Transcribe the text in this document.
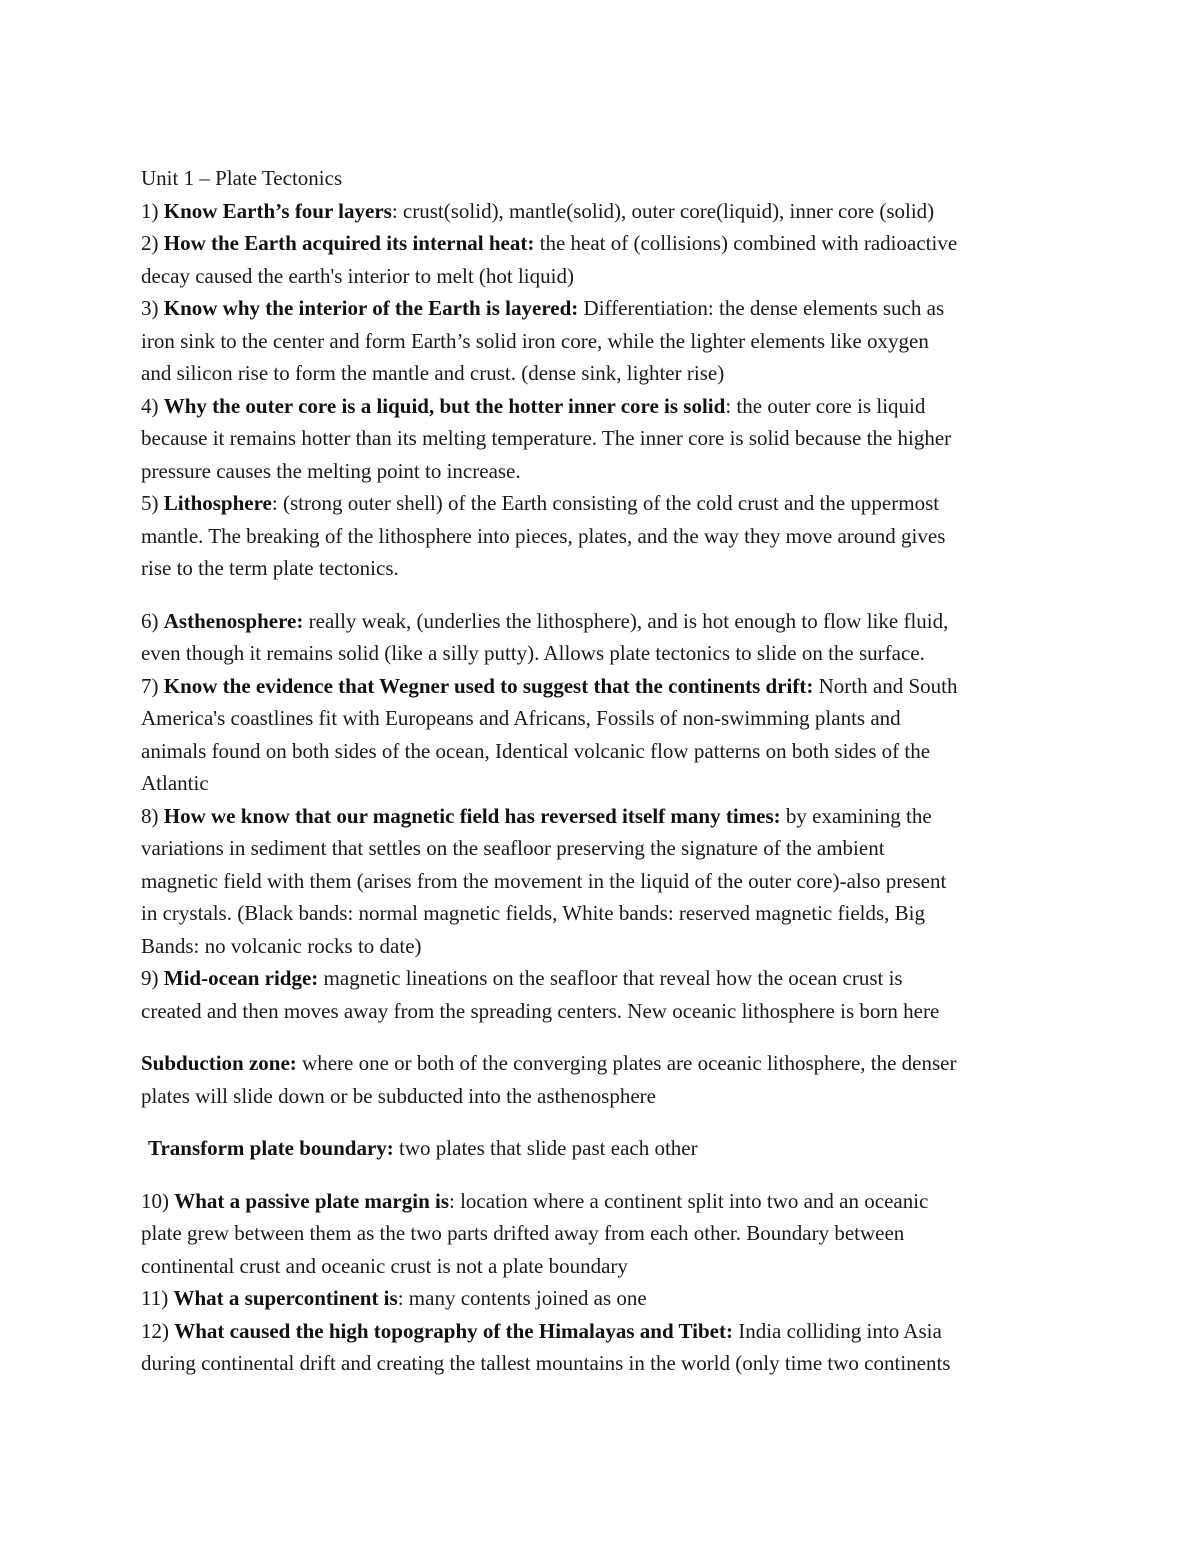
Unit 1 – Plate Tectonics
1) Know Earth’s four layers: crust(solid), mantle(solid), outer core(liquid), inner core (solid)
2) How the Earth acquired its internal heat: the heat of (collisions) combined with radioactive
decay caused the earth's interior to melt (hot liquid)
3) Know why the interior of the Earth is layered: Differentiation: the dense elements such as
iron sink to the center and form Earth’s solid iron core, while the lighter elements like oxygen
and silicon rise to form the mantle and crust. (dense sink, lighter rise)
4) Why the outer core is a liquid, but the hotter inner core is solid: the outer core is liquid
because it remains hotter than its melting temperature. The inner core is solid because the higher
pressure causes the melting point to increase.
5) Lithosphere: (strong outer shell) of the Earth consisting of the cold crust and the uppermost
mantle. The breaking of the lithosphere into pieces, plates, and the way they move around gives
rise to the term plate tectonics.
6) Asthenosphere: really weak, (underlies the lithosphere), and is hot enough to flow like fluid,
even though it remains solid (like a silly putty). Allows plate tectonics to slide on the surface.
7) Know the evidence that Wegner used to suggest that the continents drift: North and South
America's coastlines fit with Europeans and Africans, Fossils of non-swimming plants and
animals found on both sides of the ocean, Identical volcanic flow patterns on both sides of the
Atlantic
8) How we know that our magnetic field has reversed itself many times: by examining the
variations in sediment that settles on the seafloor preserving the signature of the ambient
magnetic field with them (arises from the movement in the liquid of the outer core)-also present
in crystals. (Black bands: normal magnetic fields, White bands: reserved magnetic fields, Big
Bands: no volcanic rocks to date)
9) Mid-ocean ridge: magnetic lineations on the seafloor that reveal how the ocean crust is
created and then moves away from the spreading centers. New oceanic lithosphere is born here
Subduction zone: where one or both of the converging plates are oceanic lithosphere, the denser
plates will slide down or be subducted into the asthenosphere
Transform plate boundary: two plates that slide past each other
10) What a passive plate margin is: location where a continent split into two and an oceanic
plate grew between them as the two parts drifted away from each other. Boundary between
continental crust and oceanic crust is not a plate boundary
11) What a supercontinent is: many contents joined as one
12) What caused the high topography of the Himalayas and Tibet: India colliding into Asia
during continental drift and creating the tallest mountains in the world (only time two continents
